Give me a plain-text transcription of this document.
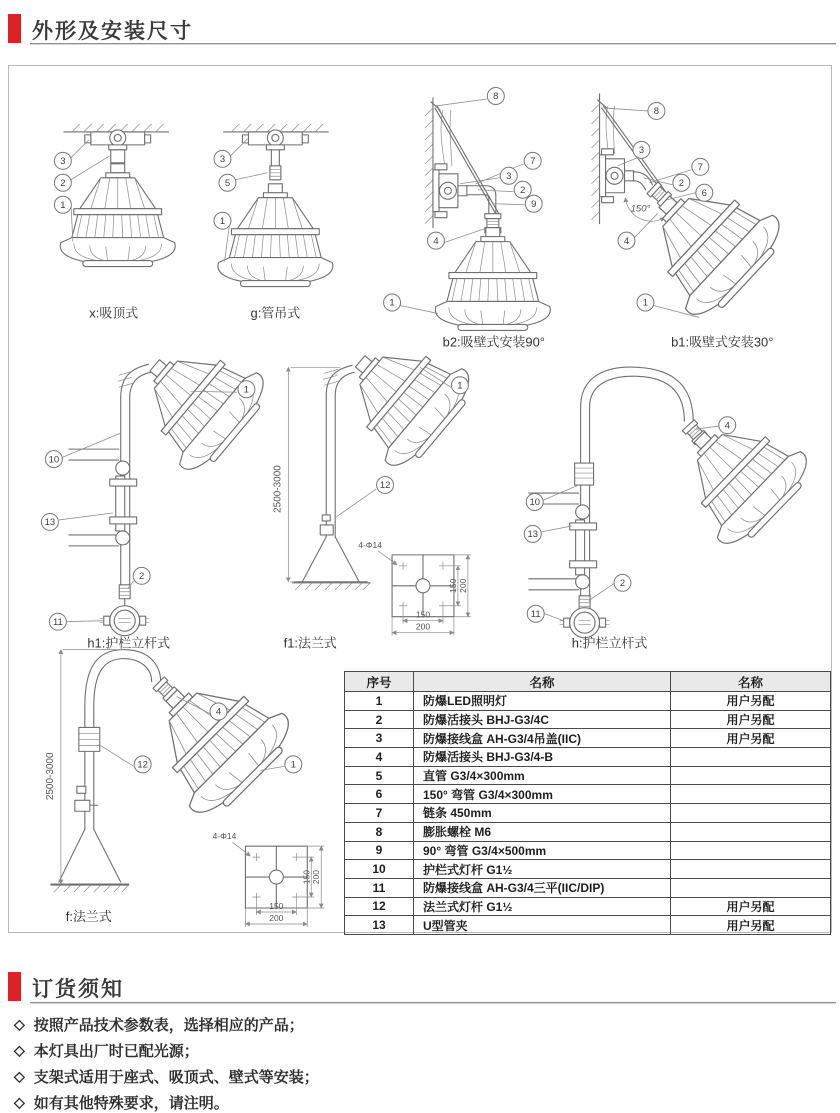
外形及安装尺寸
3
2
1
x:吸顶式
3
5
1
g:管吊式
8
7
3
2
9
4
1
b2:吸壁式安装90°
150°
8
3
7
2
6
4
1
b1:吸壁式安装30°
1
10
13
2
11
h1:护栏立杆式
2500-3000
4-Φ14
150 200
150
200
1
12
f1:法兰式
4
10
13
2
11
h:护栏立杆式
2500-3000
4-Φ14
150 200
150
200
4
12	1
f:法兰式
序号	名称	名称
1	防爆LED照明灯	用户另配
2	防爆活接头 BHJ-G3/4C	用户另配
3	防爆接线盒 AH-G3/4吊盖(IIC)	用户另配
4	防爆活接头 BHJ-G3/4-B	
5	直管 G3/4×300mm	
6	150° 弯管 G3/4×300mm	
7	链条 450mm	
8	膨胀螺栓 M6	
9	90° 弯管 G3/4×500mm	
10	护栏式灯杆 G1½	
11	防爆接线盒 AH-G3/4三平(IIC/DIP)	
12	法兰式灯杆 G1½	用户另配
13	U型管夹	用户另配
订货须知
◇ 按照产品技术参数表，选择相应的产品；
◇ 本灯具出厂时已配光源；
◇ 支架式适用于座式、吸顶式、壁式等安装；
◇ 如有其他特殊要求，请注明。
